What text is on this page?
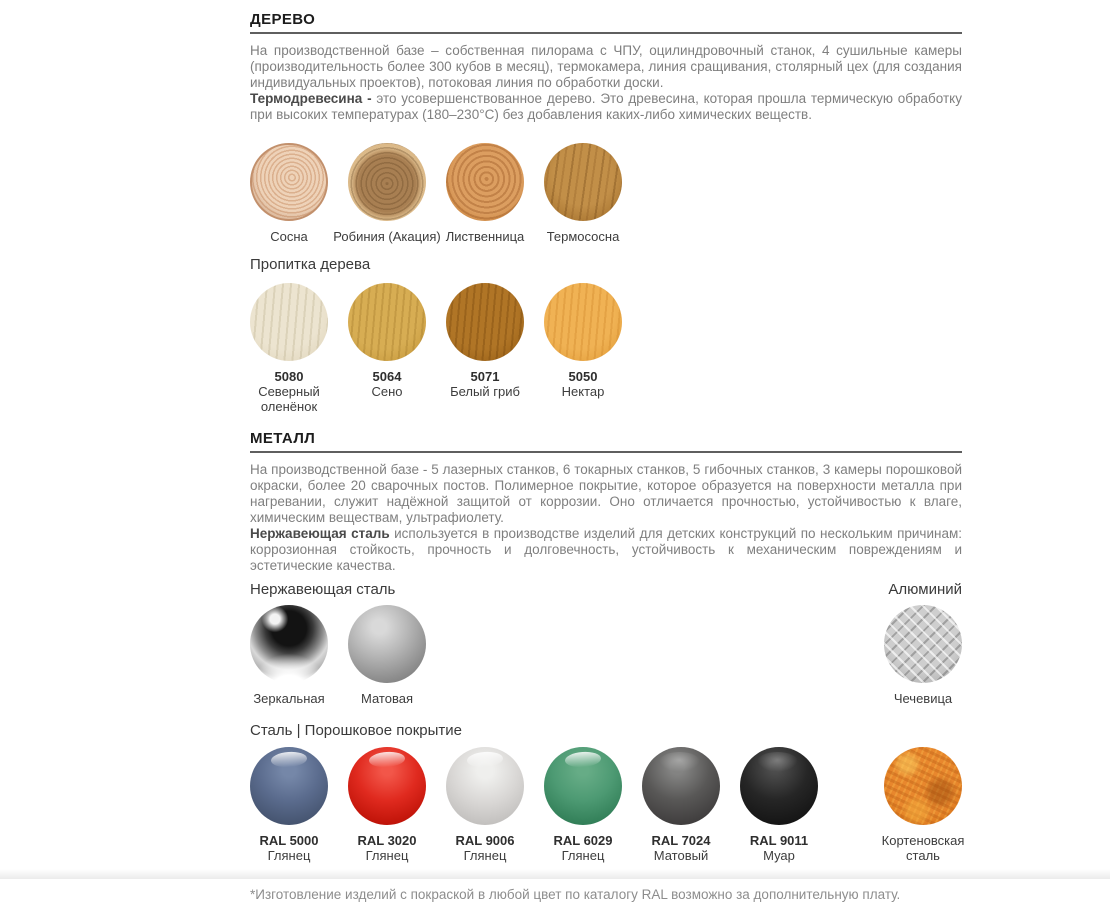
ДЕРЕВО

На производственной базе – собственная пилорама с ЧПУ, оцилиндровочный станок, 4 сушильные камеры (производительность более 300 кубов в месяц), термокамера, линия сращивания, столярный цех (для создания индивидуальных проектов), потоковая линия по обработки доски.

Термодревесина - это усовершенствованное дерево. Это древесина, которая прошла термическую обработку при высоких температурах (180–230°С) без добавления каких-либо химических веществ.

Сосна Робиния (Акация) Лиственница Термососна
Пропитка дерева
5080
Северный оленёнок
5064
Сено
5071
Белый гриб
5050
Нектар
МЕТАЛЛ

На производственной базе - 5 лазерных станков, 6 токарных станков, 5 гибочных станков, 3 камеры порошковой окраски, более 20 сварочных постов. Полимерное покрытие, которое образуется на поверхности металла при нагревании, служит надёжной защитой от коррозии. Оно отличается прочностью, устойчивостью к влаге, химическим веществам, ультрафиолету.

Нержавеющая сталь используется в производстве изделий для детских конструкций по нескольким причинам: коррозионная стойкость, прочность и долговечность, устойчивость к механическим повреждениям и эстетические качества.

Нержавеющая сталь	Алюминий
Зеркальная	Матовая	Чечевица
Сталь | Порошковое покрытие
RAL 5000
Глянец
RAL 3020
Глянец
RAL 9006
Глянец
RAL 6029
Глянец
RAL 7024
Матовый
RAL 9011
Муар
Кортеновская сталь
*Изготовление изделий с покраской в любой цвет по каталогу RAL возможно за дополнительную плату.
